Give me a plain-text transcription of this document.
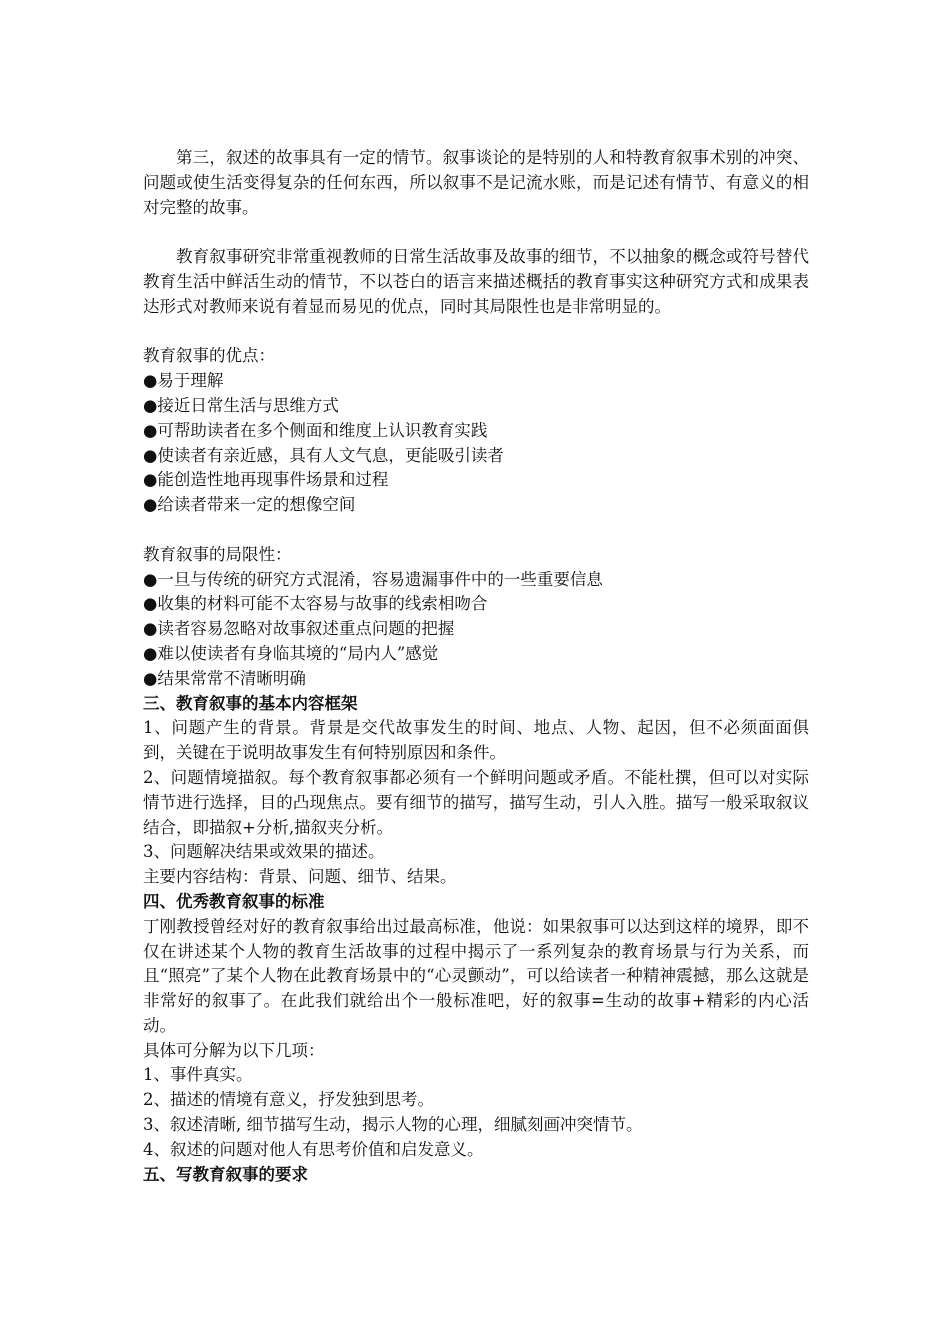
第三，叙述的故事具有一定的情节。叙事谈论的是特别的人和特教育叙事术别的冲突、问题或使生活变得复杂的任何东西，所以叙事不是记流水账，而是记述有情节、有意义的相对完整的故事。

教育叙事研究非常重视教师的日常生活故事及故事的细节，不以抽象的概念或符号替代教育生活中鲜活生动的情节，不以苍白的语言来描述概括的教育事实这种研究方式和成果表达形式对教师来说有着显而易见的优点，同时其局限性也是非常明显的。

教育叙事的优点：

●易于理解

●接近日常生活与思维方式

●可帮助读者在多个侧面和维度上认识教育实践

●使读者有亲近感，具有人文气息，更能吸引读者

●能创造性地再现事件场景和过程

●给读者带来一定的想像空间

教育叙事的局限性：

●一旦与传统的研究方式混淆，容易遗漏事件中的一些重要信息

●收集的材料可能不太容易与故事的线索相吻合

●读者容易忽略对故事叙述重点问题的把握

●难以使读者有身临其境的“局内人”感觉

●结果常常不清晰明确

三、教育叙事的基本内容框架

1、问题产生的背景。背景是交代故事发生的时间、地点、人物、起因，但不必须面面俱到，关键在于说明故事发生有何特别原因和条件。

2、问题情境描叙。每个教育叙事都必须有一个鲜明问题或矛盾。不能杜撰，但可以对实际情节进行选择，目的凸现焦点。要有细节的描写，描写生动，引人入胜。描写一般采取叙议结合，即描叙+分析,描叙夹分析。

3、问题解决结果或效果的描述。

主要内容结构：背景、问题、细节、结果。

四、优秀教育叙事的标准

丁刚教授曾经对好的教育叙事给出过最高标准，他说：如果叙事可以达到这样的境界，即不仅在讲述某个人物的教育生活故事的过程中揭示了一系列复杂的教育场景与行为关系，而且“照亮”了某个人物在此教育场景中的“心灵颤动”，可以给读者一种精神震撼，那么这就是非常好的叙事了。在此我们就给出个一般标准吧，好的叙事=生动的故事+精彩的内心活动。

具体可分解为以下几项：

1、事件真实。

2、描述的情境有意义，抒发独到思考。

3、叙述清晰, 细节描写生动，揭示人物的心理，细腻刻画冲突情节。

4、叙述的问题对他人有思考价值和启发意义。

五、写教育叙事的要求
